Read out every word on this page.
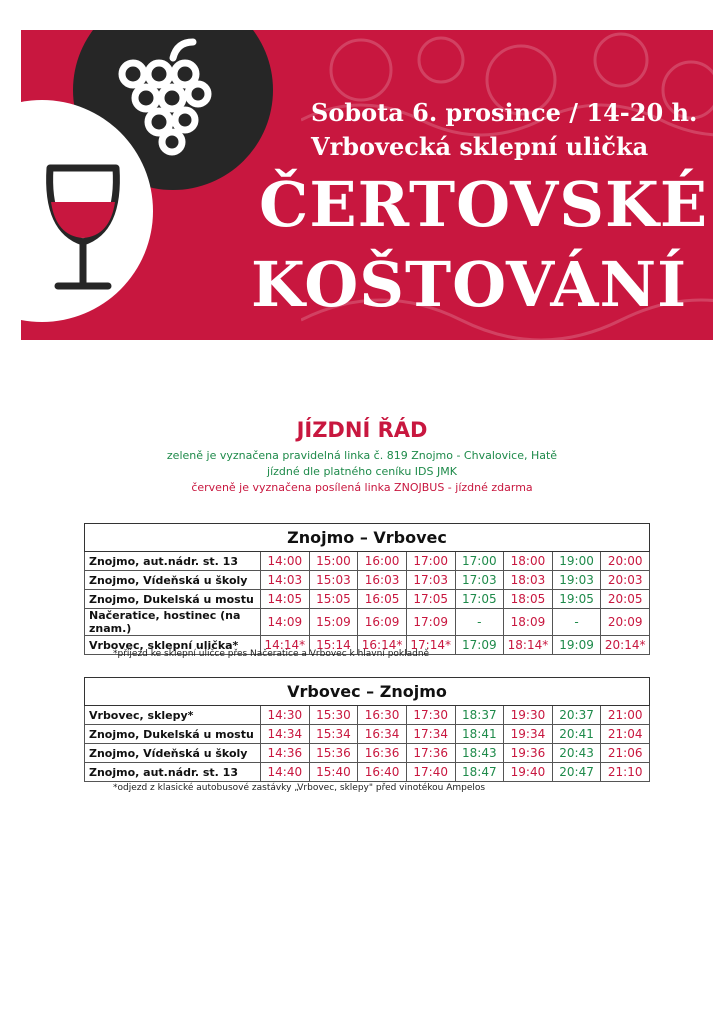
Sobota 6. prosince / 14-20 h.
Vrbovecká sklepní ulička
ČERTOVSKÉ
KOŠTOVÁNÍ
JÍZDNÍ ŘÁD
zeleně je vyznačena pravidelná linka č. 819 Znojmo - Chvalovice, Hatě
jízdné dle platného ceníku IDS JMK
červeně je vyznačena posílená linka ZNOJBUS - jízdné zdarma
Znojmo – Vrbovec								
Znojmo, aut.nádr. st. 13	14:00	15:00	16:00	17:00	17:00	18:00	19:00	20:00
Znojmo, Vídeňská u školy	14:03	15:03	16:03	17:03	17:03	18:03	19:03	20:03
Znojmo, Dukelská u mostu	14:05	15:05	16:05	17:05	17:05	18:05	19:05	20:05
Načeratice, hostinec (na znam.)	14:09	15:09	16:09	17:09	-	18:09	-	20:09
Vrbovec, sklepní ulička*	14:14*	15:14	16:14*	17:14*	17:09	18:14*	19:09	20:14*
*příjezd ke sklepní uličce přes Načeratice a Vrbovec k hlavní pokladně
Vrbovec – Znojmo								
Vrbovec, sklepy*	14:30	15:30	16:30	17:30	18:37	19:30	20:37	21:00
Znojmo, Dukelská u mostu	14:34	15:34	16:34	17:34	18:41	19:34	20:41	21:04
Znojmo, Vídeňská u školy	14:36	15:36	16:36	17:36	18:43	19:36	20:43	21:06
Znojmo, aut.nádr. st. 13	14:40	15:40	16:40	17:40	18:47	19:40	20:47	21:10
*odjezd z klasické autobusové zastávky „Vrbovec, sklepy" před vinotékou Ampelos
